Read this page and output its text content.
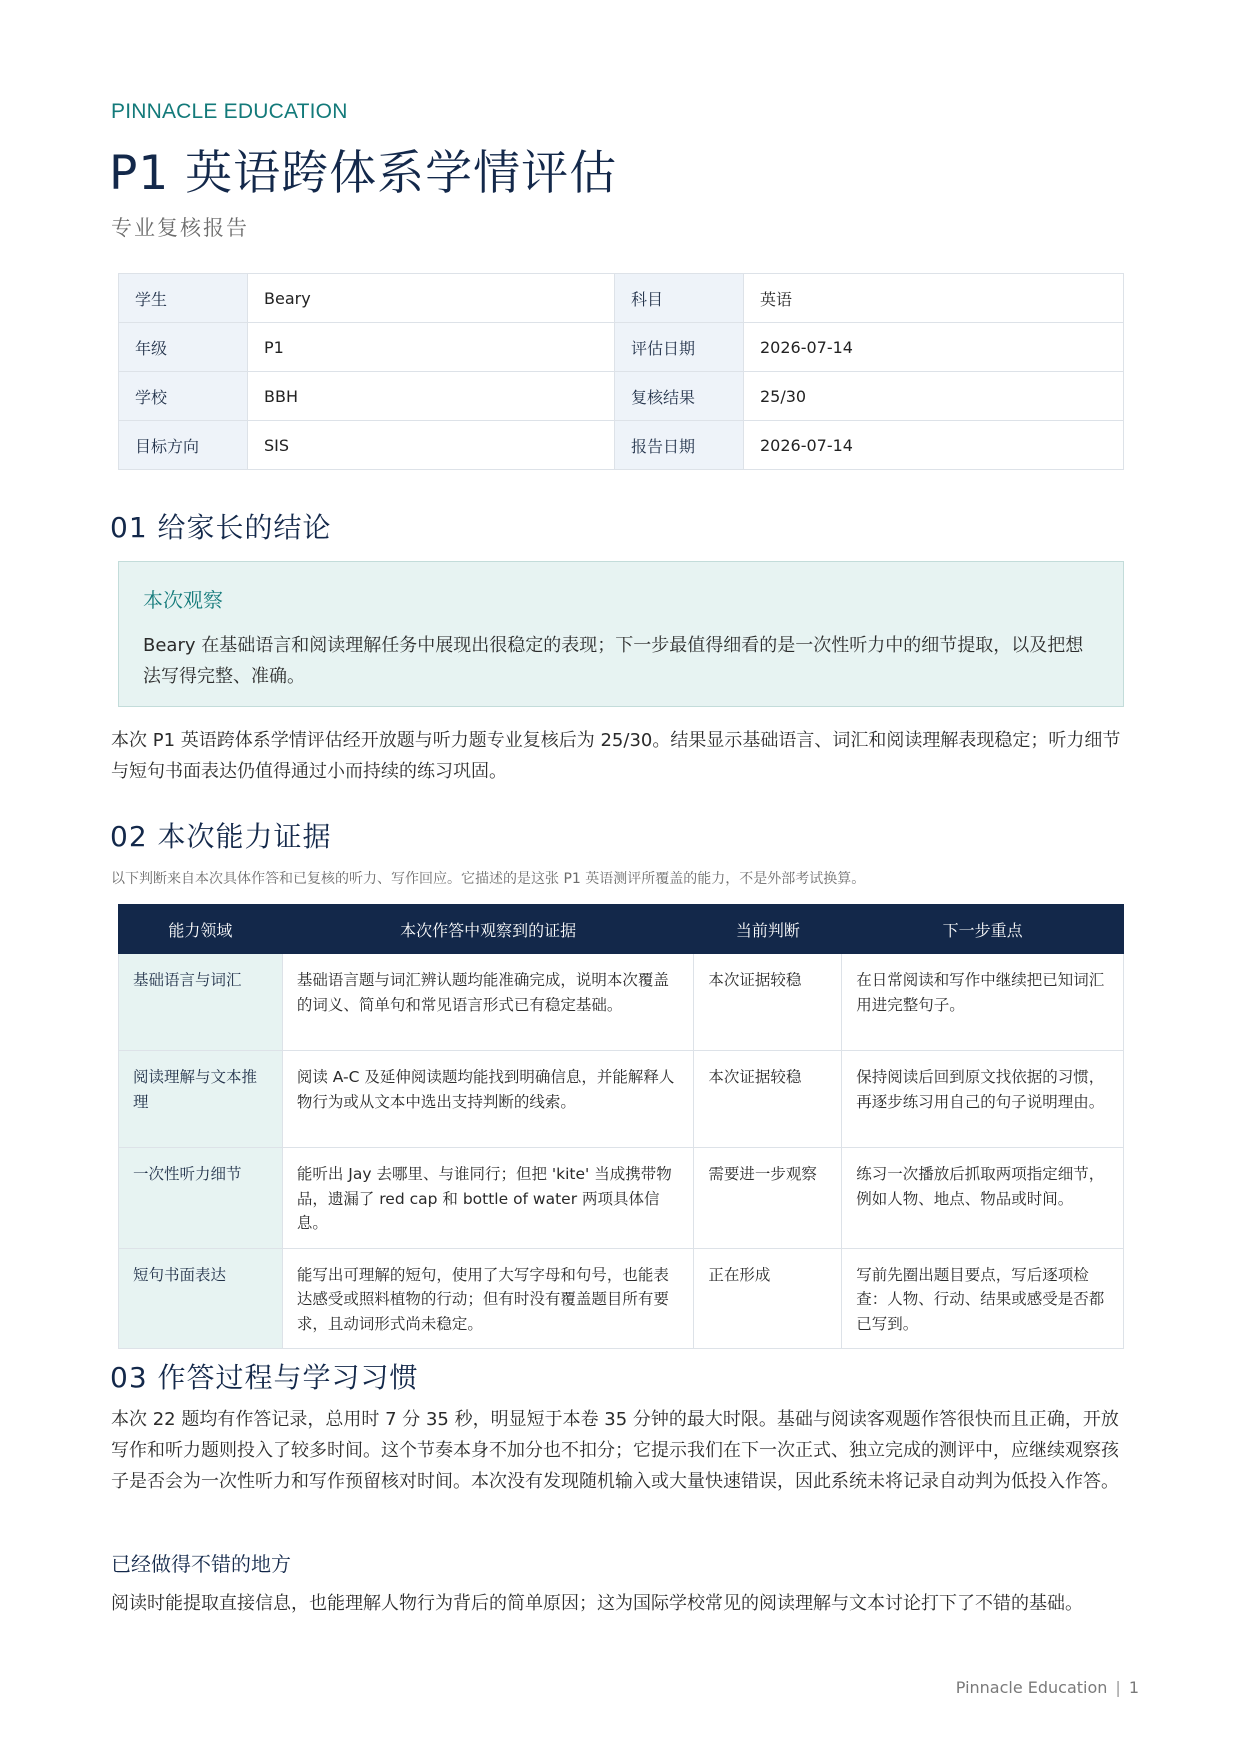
PINNACLE EDUCATION
P1 英语跨体系学情评估
专业复核报告
学生	Beary	科目	英语
年级	P1	评估日期	2026-07-14
学校	BBH	复核结果	25/30
目标方向	SIS	报告日期	2026-07-14
01 给家长的结论
本次观察
Beary 在基础语言和阅读理解任务中展现出很稳定的表现；下一步最值得细看的是一次性听力中的细节提取，以及把想法写得完整、准确。
本次 P1 英语跨体系学情评估经开放题与听力题专业复核后为 25/30。结果显示基础语言、词汇和阅读理解表现稳定；听力细节与短句书面表达仍值得通过小而持续的练习巩固。
02 本次能力证据
以下判断来自本次具体作答和已复核的听力、写作回应。它描述的是这张 P1 英语测评所覆盖的能力，不是外部考试换算。
能力领域	本次作答中观察到的证据	当前判断	下一步重点
基础语言与词汇	基础语言题与词汇辨认题均能准确完成，说明本次覆盖的词义、简单句和常见语言形式已有稳定基础。	本次证据较稳	在日常阅读和写作中继续把已知词汇用进完整句子。
阅读理解与文本推理	阅读 A-C 及延伸阅读题均能找到明确信息，并能解释人物行为或从文本中选出支持判断的线索。	本次证据较稳	保持阅读后回到原文找依据的习惯，再逐步练习用自己的句子说明理由。
一次性听力细节	能听出 Jay 去哪里、与谁同行；但把 'kite' 当成携带物品，遗漏了 red cap 和 bottle of water 两项具体信息。	需要进一步观察	练习一次播放后抓取两项指定细节，例如人物、地点、物品或时间。
短句书面表达	能写出可理解的短句，使用了大写字母和句号，也能表达感受或照料植物的行动；但有时没有覆盖题目所有要求，且动词形式尚未稳定。	正在形成	写前先圈出题目要点，写后逐项检查：人物、行动、结果或感受是否都已写到。
03 作答过程与学习习惯
本次 22 题均有作答记录，总用时 7 分 35 秒，明显短于本卷 35 分钟的最大时限。基础与阅读客观题作答很快而且正确，开放写作和听力题则投入了较多时间。这个节奏本身不加分也不扣分；它提示我们在下一次正式、独立完成的测评中，应继续观察孩子是否会为一次性听力和写作预留核对时间。本次没有发现随机输入或大量快速错误，因此系统未将记录自动判为低投入作答。
已经做得不错的地方
阅读时能提取直接信息，也能理解人物行为背后的简单原因；这为国际学校常见的阅读理解与文本讨论打下了不错的基础。
Pinnacle Education | 1
